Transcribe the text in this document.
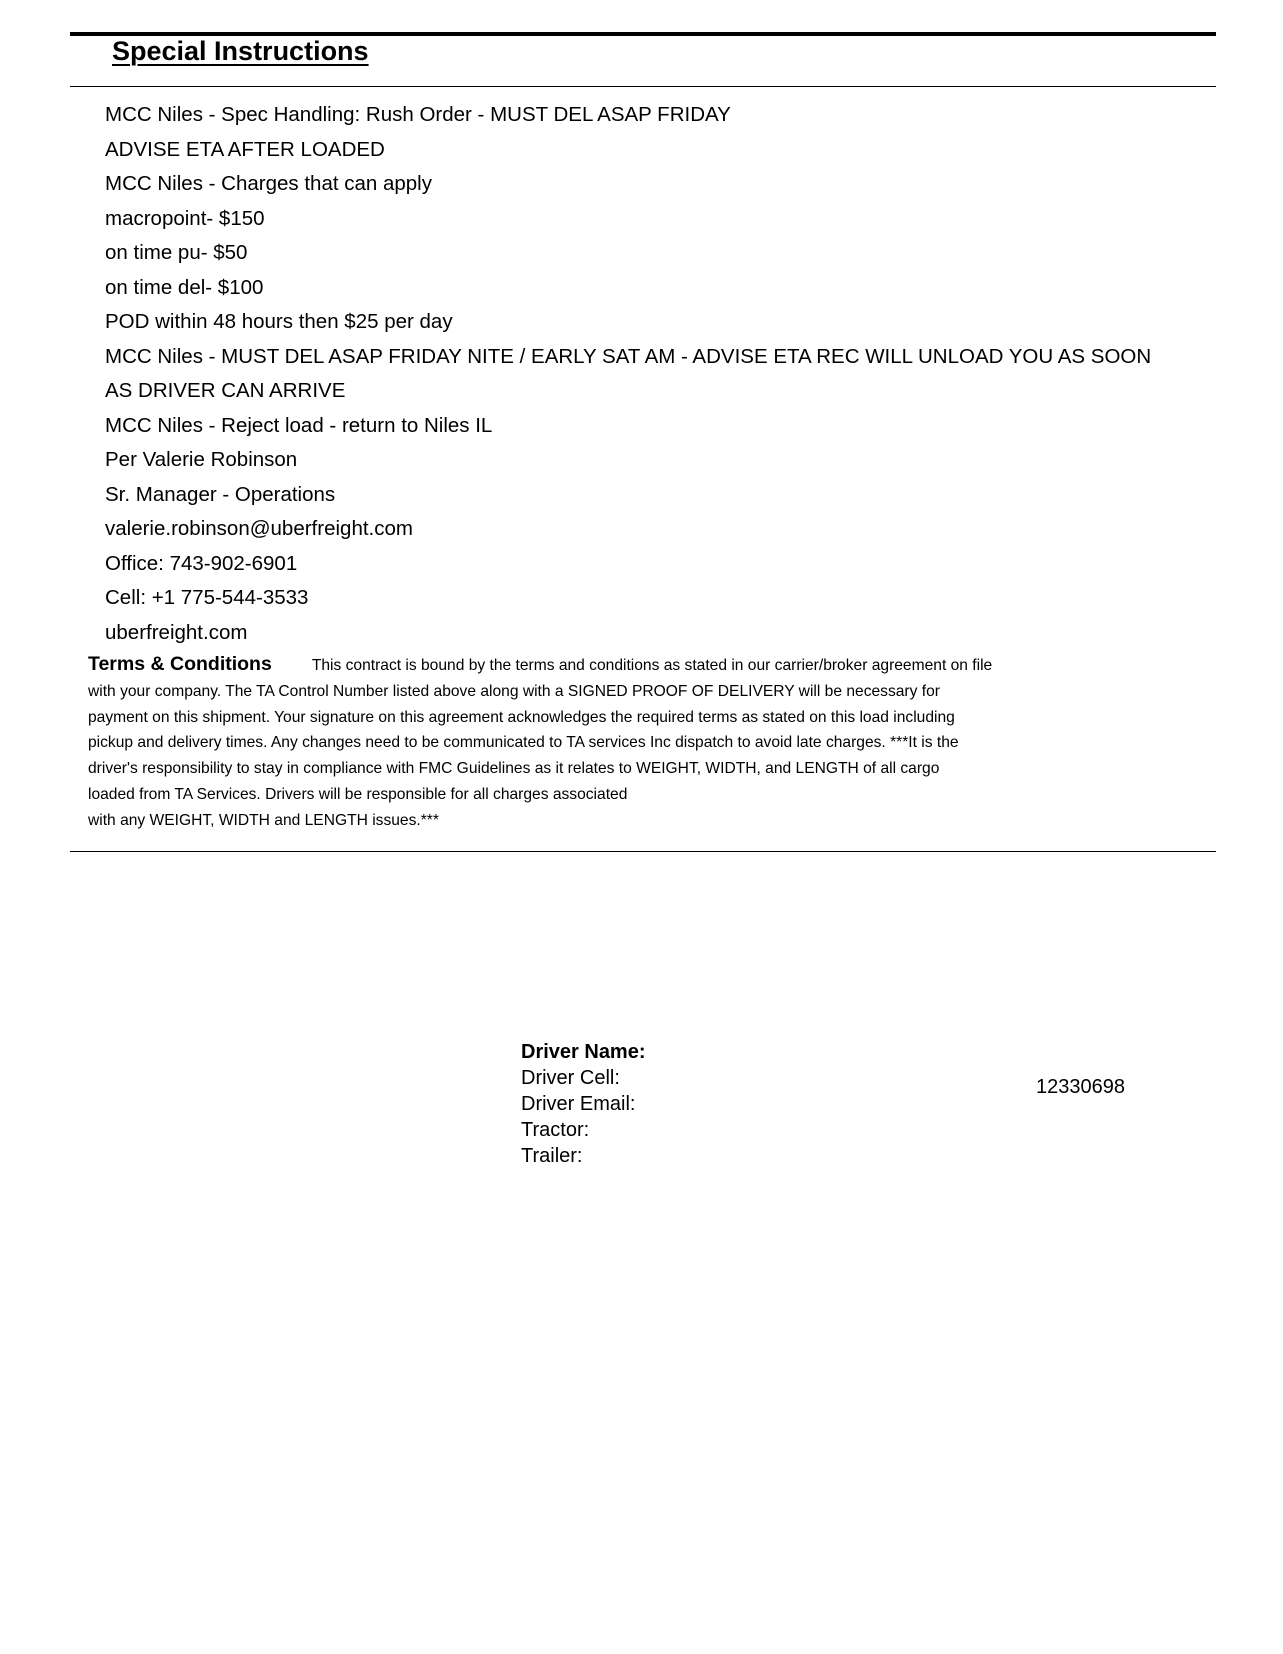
Special Instructions
MCC Niles - Spec Handling: Rush Order - MUST DEL ASAP FRIDAY
ADVISE ETA AFTER LOADED
MCC Niles - Charges that can apply
macropoint- $150
on time pu- $50
on time del- $100
POD within 48 hours then $25 per day
MCC Niles - MUST DEL ASAP FRIDAY NITE / EARLY SAT AM - ADVISE ETA REC WILL UNLOAD YOU AS SOON
AS DRIVER CAN ARRIVE
MCC Niles - Reject load - return to Niles IL
Per Valerie Robinson
Sr. Manager - Operations
valerie.robinson@uberfreight.com
Office: 743-902-6901
Cell: +1 775-544-3533
uberfreight.com
Terms & Conditions	This contract is bound by the terms and conditions as stated in our carrier/broker agreement on file
with your company. The TA Control Number listed above along with a SIGNED PROOF OF DELIVERY will be necessary for
payment on this shipment. Your signature on this agreement acknowledges the required terms as stated on this load including
pickup and delivery times. Any changes need to be communicated to TA services Inc dispatch to avoid late charges. ***It is the
driver's responsibility to stay in compliance with FMC Guidelines as it relates to WEIGHT, WIDTH, and LENGTH of all cargo
loaded from TA Services. Drivers will be responsible for all charges associated
with any WEIGHT, WIDTH and LENGTH issues.***
Driver Name:
Driver Cell:
Driver Email:
Tractor:
Trailer:
12330698
